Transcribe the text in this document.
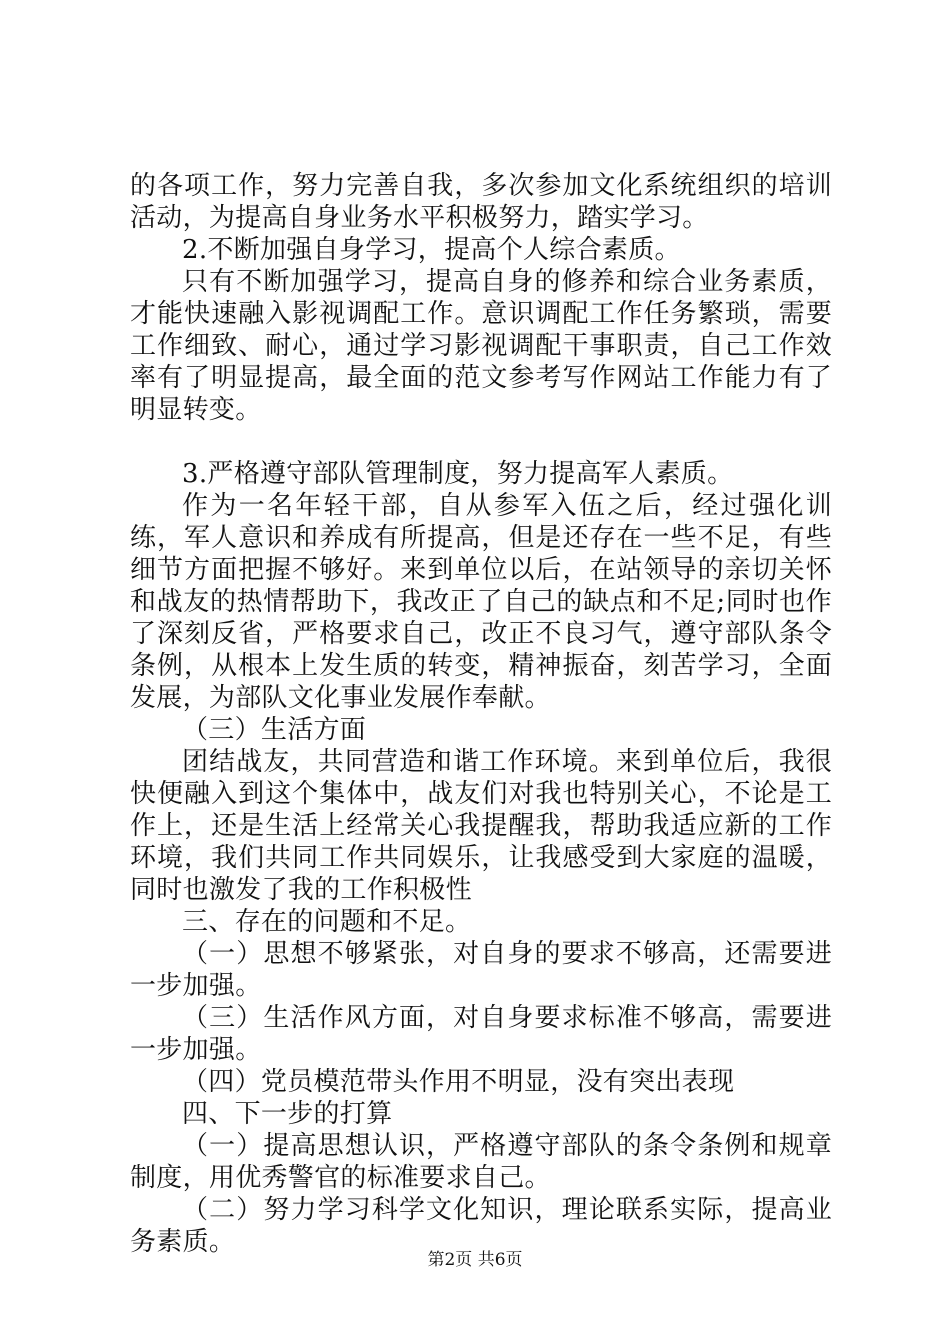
的各项工作，努力完善自我，多次参加文化系统组织的培训活动，为提高自身业务水平积极努力，踏实学习。

2.不断加强自身学习，提高个人综合素质。

只有不断加强学习，提高自身的修养和综合业务素质，才能快速融入影视调配工作。意识调配工作任务繁琐，需要工作细致、耐心，通过学习影视调配干事职责，自己工作效率有了明显提高，最全面的范文参考写作网站工作能力有了明显转变。

3.严格遵守部队管理制度，努力提高军人素质。

作为一名年轻干部，自从参军入伍之后，经过强化训练，军人意识和养成有所提高，但是还存在一些不足，有些细节方面把握不够好。来到单位以后，在站领导的亲切关怀和战友的热情帮助下，我改正了自己的缺点和不足;同时也作了深刻反省，严格要求自己，改正不良习气，遵守部队条令条例，从根本上发生质的转变，精神振奋，刻苦学习，全面发展，为部队文化事业发展作奉献。

（三）生活方面

团结战友，共同营造和谐工作环境。来到单位后，我很快便融入到这个集体中，战友们对我也特别关心，不论是工作上，还是生活上经常关心我提醒我，帮助我适应新的工作环境，我们共同工作共同娱乐，让我感受到大家庭的温暖，同时也激发了我的工作积极性

三、存在的问题和不足。

（一）思想不够紧张，对自身的要求不够高，还需要进一步加强。

（三）生活作风方面，对自身要求标准不够高，需要进一步加强。

（四）党员模范带头作用不明显，没有突出表现

四、下一步的打算

（一）提高思想认识，严格遵守部队的条令条例和规章制度，用优秀警官的标准要求自己。

（二）努力学习科学文化知识，理论联系实际，提高业务素质。

第2页 共6页
